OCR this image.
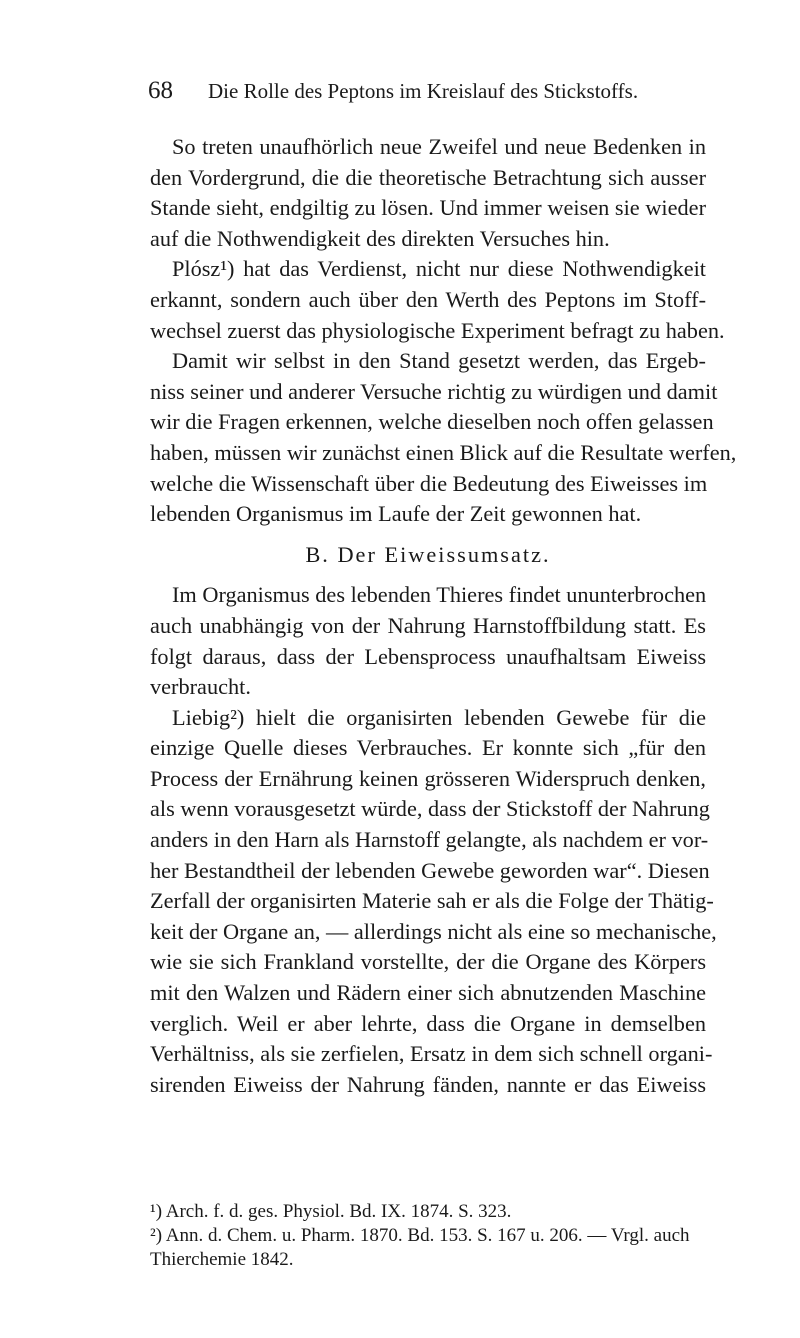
68 Die Rolle des Peptons im Kreislauf des Stickstoffs.
So treten unaufhörlich neue Zweifel und neue Bedenken in
den Vordergrund, die die theoretische Betrachtung sich ausser
Stande sieht, endgiltig zu lösen. Und immer weisen sie wieder
auf die Nothwendigkeit des direkten Versuches hin.
Plósz¹) hat das Verdienst, nicht nur diese Nothwendigkeit
erkannt, sondern auch über den Werth des Peptons im Stoff-
wechsel zuerst das physiologische Experiment befragt zu haben.
Damit wir selbst in den Stand gesetzt werden, das Ergeb-
niss seiner und anderer Versuche richtig zu würdigen und damit
wir die Fragen erkennen, welche dieselben noch offen gelassen
haben, müssen wir zunächst einen Blick auf die Resultate werfen,
welche die Wissenschaft über die Bedeutung des Eiweisses im
lebenden Organismus im Laufe der Zeit gewonnen hat.
B. Der Eiweissumsatz.
Im Organismus des lebenden Thieres findet ununterbrochen
auch unabhängig von der Nahrung Harnstoffbildung statt. Es
folgt daraus, dass der Lebensprocess unaufhaltsam Eiweiss
verbraucht.
Liebig²) hielt die organisirten lebenden Gewebe für die
einzige Quelle dieses Verbrauches. Er konnte sich „für den
Process der Ernährung keinen grösseren Widerspruch denken,
als wenn vorausgesetzt würde, dass der Stickstoff der Nahrung
anders in den Harn als Harnstoff gelangte, als nachdem er vor-
her Bestandtheil der lebenden Gewebe geworden war“. Diesen
Zerfall der organisirten Materie sah er als die Folge der Thätig-
keit der Organe an, — allerdings nicht als eine so mechanische,
wie sie sich Frankland vorstellte, der die Organe des Körpers
mit den Walzen und Rädern einer sich abnutzenden Maschine
verglich. Weil er aber lehrte, dass die Organe in demselben
Verhältniss, als sie zerfielen, Ersatz in dem sich schnell organi-
sirenden Eiweiss der Nahrung fänden, nannte er das Eiweiss
¹) Arch. f. d. ges. Physiol. Bd. IX. 1874. S. 323.
²) Ann. d. Chem. u. Pharm. 1870. Bd. 153. S. 167 u. 206. — Vrgl. auch
Thierchemie 1842.
